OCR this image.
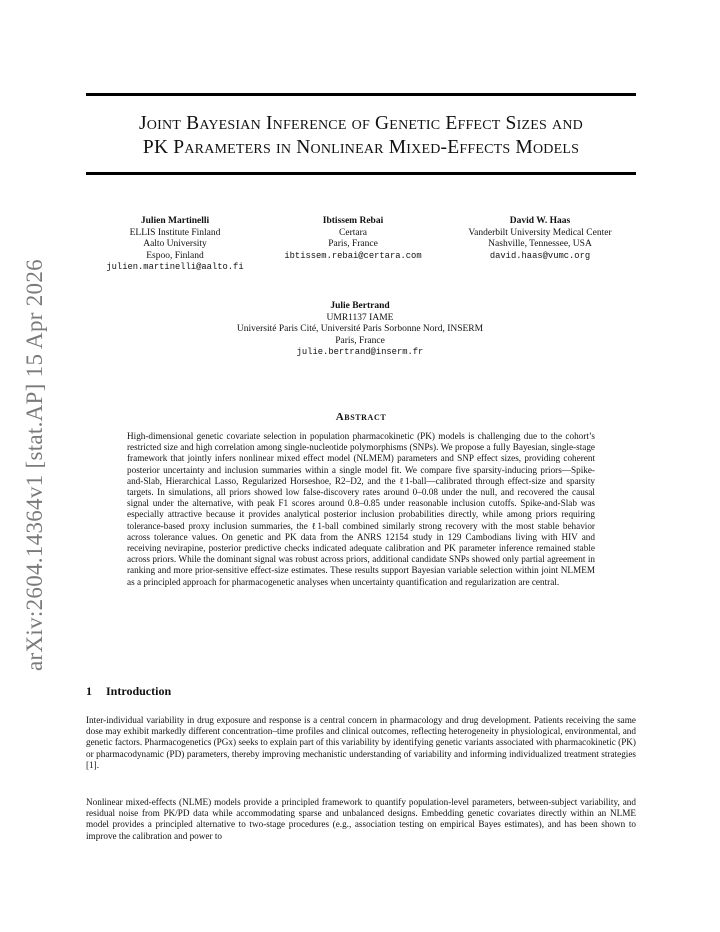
arXiv:2604.14364v1 [stat.AP] 15 Apr 2026
Joint Bayesian Inference of Genetic Effect Sizes and
PK Parameters in Nonlinear Mixed-Effects Models
Julien Martinelli
ELLIS Institute Finland
Aalto University
Espoo, Finland
julien.martinelli@aalto.fi
Ibtissem Rebai
Certara
Paris, France
ibtissem.rebai@certara.com
David W. Haas
Vanderbilt University Medical Center
Nashville, Tennessee, USA
david.haas@vumc.org
Julie Bertrand
UMR1137 IAME
Université Paris Cité, Université Paris Sorbonne Nord, INSERM
Paris, France
julie.bertrand@inserm.fr
Abstract
High-dimensional genetic covariate selection in population pharmacokinetic (PK) models is challenging due to the cohort’s restricted size and high correlation among single-nucleotide polymorphisms (SNPs). We propose a fully Bayesian, single-stage framework that jointly infers nonlinear mixed effect model (NLMEM) parameters and SNP effect sizes, providing coherent posterior uncertainty and inclusion summaries within a single model fit. We compare five sparsity-inducing priors—Spike-and-Slab, Hierarchical Lasso, Regularized Horseshoe, R2–D2, and the ℓ1-ball—calibrated through effect-size and sparsity targets. In simulations, all priors showed low false-discovery rates around 0–0.08 under the null, and recovered the causal signal under the alternative, with peak F1 scores around 0.8–0.85 under reasonable inclusion cutoffs. Spike-and-Slab was especially attractive because it provides analytical posterior inclusion probabilities directly, while among priors requiring tolerance-based proxy inclusion summaries, the ℓ1-ball combined similarly strong recovery with the most stable behavior across tolerance values. On genetic and PK data from the ANRS 12154 study in 129 Cambodians living with HIV and receiving nevirapine, posterior predictive checks indicated adequate calibration and PK parameter inference remained stable across priors. While the dominant signal was robust across priors, additional candidate SNPs showed only partial agreement in ranking and more prior-sensitive effect-size estimates. These results support Bayesian variable selection within joint NLMEM as a principled approach for pharmacogenetic analyses when uncertainty quantification and regularization are central.
1 Introduction
Inter-individual variability in drug exposure and response is a central concern in pharmacology and drug development. Patients receiving the same dose may exhibit markedly different concentration–time profiles and clinical outcomes, reflecting heterogeneity in physiological, environmental, and genetic factors. Pharmacogenetics (PGx) seeks to explain part of this variability by identifying genetic variants associated with pharmacokinetic (PK) or pharmacodynamic (PD) parameters, thereby improving mechanistic understanding of variability and informing individualized treatment strategies [1].
Nonlinear mixed-effects (NLME) models provide a principled framework to quantify population-level parameters, between-subject variability, and residual noise from PK/PD data while accommodating sparse and unbalanced designs. Embedding genetic covariates directly within an NLME model provides a principled alternative to two-stage procedures (e.g., association testing on empirical Bayes estimates), and has been shown to improve the calibration and power to
